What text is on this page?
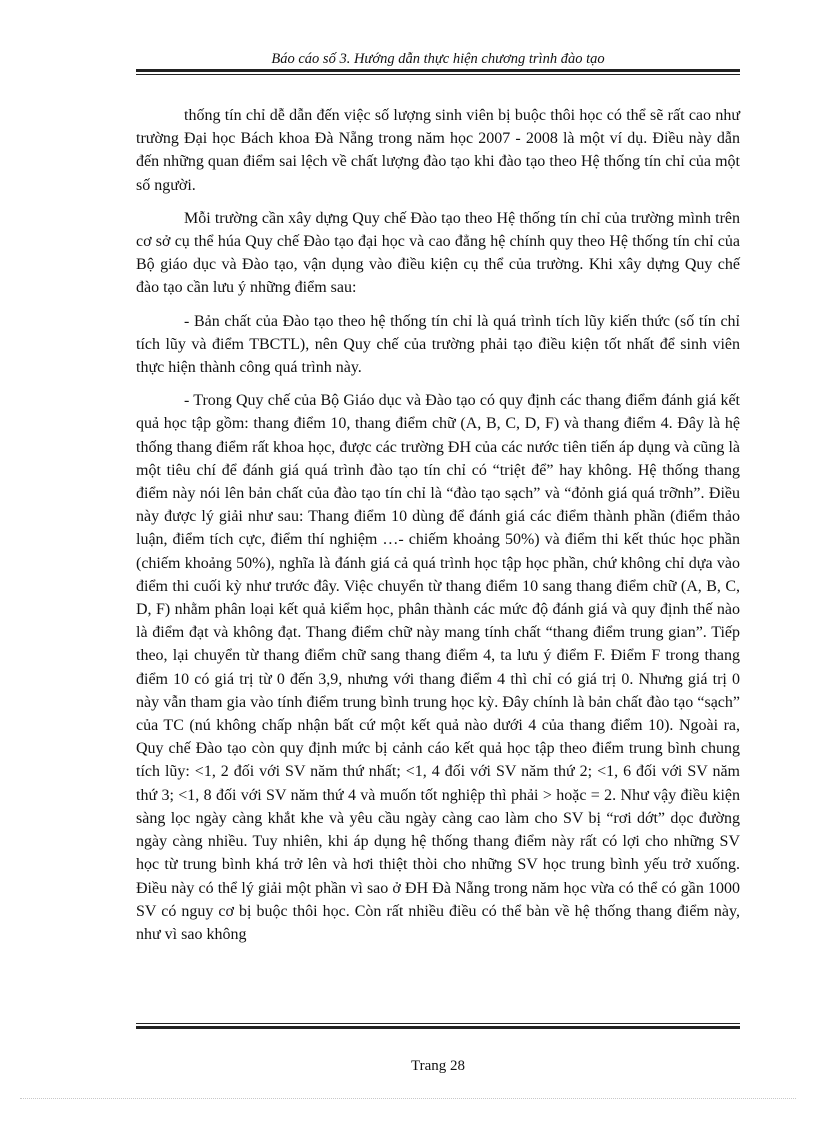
Báo cáo số 3. Hướng dẫn thực hiện chương trình đào tạo

thống tín chỉ dễ dẫn đến việc số lượng sinh viên bị buộc thôi học có thể sẽ rất cao như trường Đại học Bách khoa Đà Nẵng trong năm học 2007 - 2008 là một ví dụ. Điều này dẫn đến những quan điểm sai lệch về chất lượng đào tạo khi đào tạo theo Hệ thống tín chỉ của một số người.

Mỗi trường cần xây dựng Quy chế Đào tạo theo Hệ thống tín chỉ của trường mình trên cơ sở cụ thể húa Quy chế Đào tạo đại học và cao đẳng hệ chính quy theo Hệ thống tín chỉ của Bộ giáo dục và Đào tạo, vận dụng vào điều kiện cụ thể của trường. Khi xây dựng Quy chế đào tạo cần lưu ý những điểm sau:

- Bản chất của Đào tạo theo hệ thống tín chỉ là quá trình tích lũy kiến thức (số tín chỉ tích lũy và điểm TBCTL), nên Quy chế của trường phải tạo điều kiện tốt nhất để sinh viên thực hiện thành công quá trình này.

- Trong Quy chế của Bộ Giáo dục và Đào tạo có quy định các thang điểm đánh giá kết quả học tập gồm: thang điểm 10, thang điểm chữ (A, B, C, D, F) và thang điểm 4. Đây là hệ thống thang điểm rất khoa học, được các trường ĐH của các nước tiên tiến áp dụng và cũng là một tiêu chí để đánh giá quá trình đào tạo tín chỉ có “triệt để” hay không. Hệ thống thang điểm này nói lên bản chất của đào tạo tín chỉ là “đào tạo sạch” và “đỏnh giá quá trỡnh”. Điều này được lý giải như sau: Thang điểm 10 dùng để đánh giá các điểm thành phần (điểm thảo luận, điểm tích cực, điểm thí nghiệm …- chiếm khoảng 50%) và điểm thi kết thúc học phần (chiếm khoảng 50%), nghĩa là đánh giá cả quá trình học tập học phần, chứ không chỉ dựa vào điểm thi cuối kỳ như trước đây. Việc chuyển từ thang điểm 10 sang thang điểm chữ (A, B, C, D, F) nhằm phân loại kết quả kiểm học, phân thành các mức độ đánh giá và quy định thế nào là điểm đạt và không đạt. Thang điểm chữ này mang tính chất “thang điểm trung gian”. Tiếp theo, lại chuyển từ thang điểm chữ sang thang điểm 4, ta lưu ý điểm F. Điểm F trong thang điểm 10 có giá trị từ 0 đến 3,9, nhưng với thang điểm 4 thì chỉ có giá trị 0. Nhưng giá trị 0 này vẫn tham gia vào tính điểm trung bình trung học kỳ. Đây chính là bản chất đào tạo “sạch” của TC (nú không chấp nhận bất cứ một kết quả nào dưới 4 của thang điểm 10). Ngoài ra, Quy chế Đào tạo còn quy định mức bị cảnh cáo kết quả học tập theo điểm trung bình chung tích lũy: <1, 2 đối với SV năm thứ nhất; <1, 4 đối với SV năm thứ 2; <1, 6 đối với SV năm thứ 3; <1, 8 đối với SV năm thứ 4 và muốn tốt nghiệp thì phải > hoặc = 2. Như vậy điều kiện sàng lọc ngày càng khắt khe và yêu cầu ngày càng cao làm cho SV bị “rơi dớt” dọc đường ngày càng nhiều. Tuy nhiên, khi áp dụng hệ thống thang điểm này rất có lợi cho những SV học từ trung bình khá trở lên và hơi thiệt thòi cho những SV học trung bình yếu trở xuống. Điều này có thể lý giải một phần vì sao ở ĐH Đà Nẵng trong năm học vừa có thể có gần 1000 SV có nguy cơ bị buộc thôi học. Còn rất nhiều điều có thể bàn về hệ thống thang điểm này, như vì sao không

Trang 28
